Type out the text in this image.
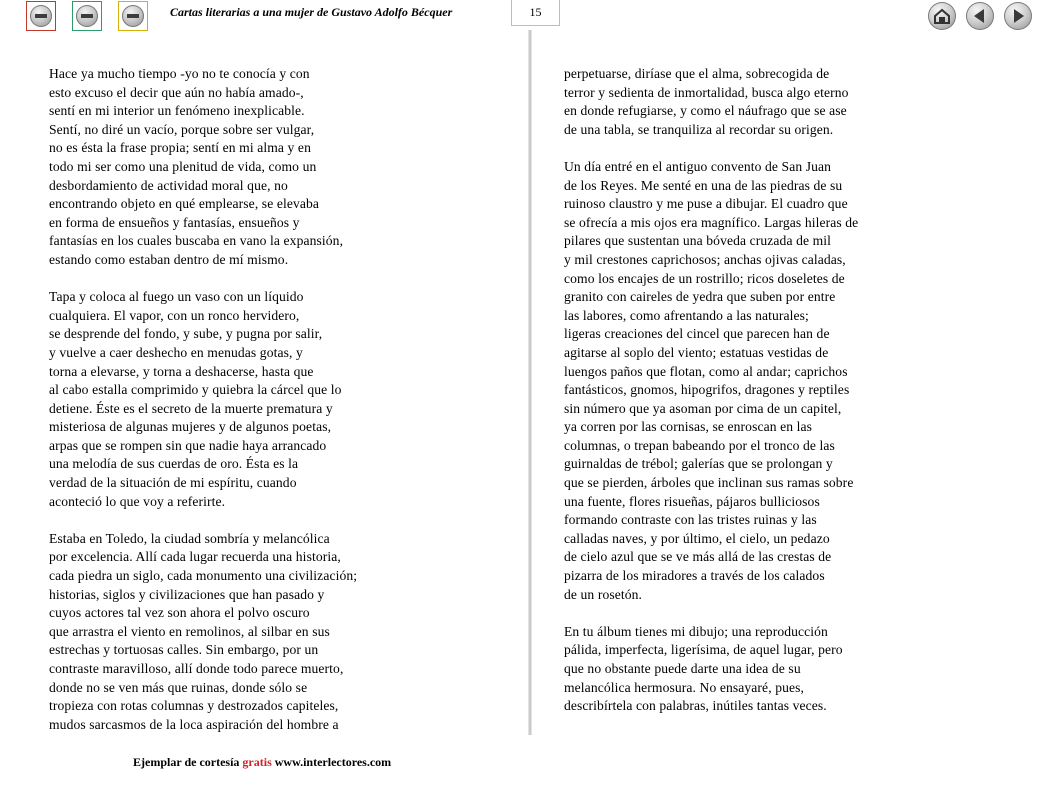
Cartas literarias a una mujer de Gustavo Adolfo Bécquer	15

Hace ya mucho tiempo -yo no te conocía y con
esto excuso el decir que aún no había amado-,
sentí en mi interior un fenómeno inexplicable.
Sentí, no diré un vacío, porque sobre ser vulgar,
no es ésta la frase propia; sentí en mi alma y en
todo mi ser como una plenitud de vida, como un
desbordamiento de actividad moral que, no
encontrando objeto en qué emplearse, se elevaba
en forma de ensueños y fantasías, ensueños y
fantasías en los cuales buscaba en vano la expansión,
estando como estaban dentro de mí mismo.

Tapa y coloca al fuego un vaso con un líquido
cualquiera. El vapor, con un ronco hervidero,
se desprende del fondo, y sube, y pugna por salir,
y vuelve a caer deshecho en menudas gotas, y
torna a elevarse, y torna a deshacerse, hasta que
al cabo estalla comprimido y quiebra la cárcel que lo
detiene. Éste es el secreto de la muerte prematura y
misteriosa de algunas mujeres y de algunos poetas,
arpas que se rompen sin que nadie haya arrancado
una melodía de sus cuerdas de oro. Ésta es la
verdad de la situación de mi espíritu, cuando
aconteció lo que voy a referirte.

Estaba en Toledo, la ciudad sombría y melancólica
por excelencia. Allí cada lugar recuerda una historia,
cada piedra un siglo, cada monumento una civilización;
historias, siglos y civilizaciones que han pasado y
cuyos actores tal vez son ahora el polvo oscuro
que arrastra el viento en remolinos, al silbar en sus
estrechas y tortuosas calles. Sin embargo, por un
contraste maravilloso, allí donde todo parece muerto,
donde no se ven más que ruinas, donde sólo se
tropieza con rotas columnas y destrozados capiteles,
mudos sarcasmos de la loca aspiración del hombre a

perpetuarse, diríase que el alma, sobrecogida de
terror y sedienta de inmortalidad, busca algo eterno
en donde refugiarse, y como el náufrago que se ase
de una tabla, se tranquiliza al recordar su origen.

Un día entré en el antiguo convento de San Juan
de los Reyes. Me senté en una de las piedras de su
ruinoso claustro y me puse a dibujar. El cuadro que
se ofrecía a mis ojos era magnífico. Largas hileras de
pilares que sustentan una bóveda cruzada de mil
y mil crestones caprichosos; anchas ojivas caladas,
como los encajes de un rostrillo; ricos doseletes de
granito con caireles de yedra que suben por entre
las labores, como afrentando a las naturales;
ligeras creaciones del cincel que parecen han de
agitarse al soplo del viento; estatuas vestidas de
luengos paños que flotan, como al andar; caprichos
fantásticos, gnomos, hipogrifos, dragones y reptiles
sin número que ya asoman por cima de un capitel,
ya corren por las cornisas, se enroscan en las
columnas, o trepan babeando por el tronco de las
guirnaldas de trébol; galerías que se prolongan y
que se pierden, árboles que inclinan sus ramas sobre
una fuente, flores risueñas, pájaros bulliciosos
formando contraste con las tristes ruinas y las
calladas naves, y por último, el cielo, un pedazo
de cielo azul que se ve más allá de las crestas de
pizarra de los miradores a través de los calados
de un rosetón.

En tu álbum tienes mi dibujo; una reproducción
pálida, imperfecta, ligerísima, de aquel lugar, pero
que no obstante puede darte una idea de su
melancólica hermosura. No ensayaré, pues,
describírtela con palabras, inútiles tantas veces.

Ejemplar de cortesía gratis www.interlectores.com
